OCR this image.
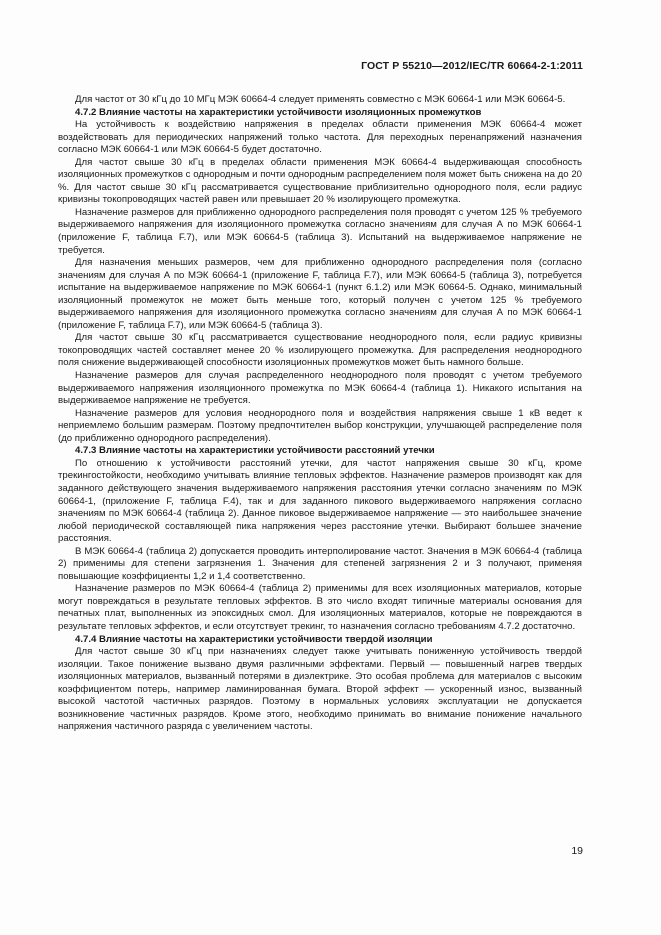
ГОСТ Р 55210—2012/IEC/TR 60664-2-1:2011

Для частот от 30 кГц до 10 МГц МЭК 60664-4 следует применять совместно с МЭК 60664-1 или МЭК 60664-5.

4.7.2 Влияние частоты на характеристики устойчивости изоляционных промежутков

На устойчивость к воздействию напряжения в пределах области применения МЭК 60664-4 может воздействовать для периодических напряжений только частота. Для переходных перенапряжений назначения согласно МЭК 60664-1 или МЭК 60664-5 будет достаточно.

Для частот свыше 30 кГц в пределах области применения МЭК 60664-4 выдерживающая способность изоляционных промежутков с однородным и почти однородным распределением поля может быть снижена на до 20 %. Для частот свыше 30 кГц рассматривается существование приблизительно однородного поля, если радиус кривизны токопроводящих частей равен или превышает 20 % изолирующего промежутка.

Назначение размеров для приближенно однородного распределения поля проводят с учетом 125 % требуемого выдерживаемого напряжения для изоляционного промежутка согласно значениям для случая А по МЭК 60664-1 (приложение F, таблица F.7), или МЭК 60664-5 (таблица 3). Испытаний на выдерживаемое напряжение не требуется.

Для назначения меньших размеров, чем для приближенно однородного распределения поля (согласно значениям для случая А по МЭК 60664-1 (приложение F, таблица F.7), или МЭК 60664-5 (таблица 3), потребуется испытание на выдерживаемое напряжение по МЭК 60664-1 (пункт 6.1.2) или МЭК 60664-5. Однако, минимальный изоляционный промежуток не может быть меньше того, который получен с учетом 125 % требуемого выдерживаемого напряжения для изоляционного промежутка согласно значениям для случая А по МЭК 60664-1 (приложение F, таблица F.7), или МЭК 60664-5 (таблица 3).

Для частот свыше 30 кГц рассматривается существование неоднородного поля, если радиус кривизны токопроводящих частей составляет менее 20 % изолирующего промежутка. Для распределения неоднородного поля снижение выдерживающей способности изоляционных промежутков может быть намного больше.

Назначение размеров для случая распределенного неоднородного поля проводят с учетом требуемого выдерживаемого напряжения изоляционного промежутка по МЭК 60664-4 (таблица 1). Никакого испытания на выдерживаемое напряжение не требуется.

Назначение размеров для условия неоднородного поля и воздействия напряжения свыше 1 кВ ведет к неприемлемо большим размерам. Поэтому предпочтителен выбор конструкции, улучшающей распределение поля (до приближенно однородного распределения).

4.7.3 Влияние частоты на характеристики устойчивости расстояний утечки

По отношению к устойчивости расстояний утечки, для частот напряжения свыше 30 кГц, кроме трекингостойкости, необходимо учитывать влияние тепловых эффектов. Назначение размеров производят как для заданного действующего значения выдерживаемого напряжения расстояния утечки согласно значениям по МЭК 60664-1, (приложение F, таблица F.4), так и для заданного пикового выдерживаемого напряжения согласно значениям по МЭК 60664-4 (таблица 2). Данное пиковое выдерживаемое напряжение — это наибольшее значение любой периодической составляющей пика напряжения через расстояние утечки. Выбирают большее значение расстояния.

В МЭК 60664-4 (таблица 2) допускается проводить интерполирование частот. Значения в МЭК 60664-4 (таблица 2) применимы для степени загрязнения 1. Значения для степеней загрязнения 2 и 3 получают, применяя повышающие коэффициенты 1,2 и 1,4 соответственно.

Назначение размеров по МЭК 60664-4 (таблица 2) применимы для всех изоляционных материалов, которые могут повреждаться в результате тепловых эффектов. В это число входят типичные материалы основания для печатных плат, выполненных из эпоксидных смол. Для изоляционных материалов, которые не повреждаются в результате тепловых эффектов, и если отсутствует трекинг, то назначения согласно требованиям 4.7.2 достаточно.

4.7.4 Влияние частоты на характеристики устойчивости твердой изоляции

Для частот свыше 30 кГц при назначениях следует также учитывать пониженную устойчивость твердой изоляции. Такое понижение вызвано двумя различными эффектами. Первый — повышенный нагрев твердых изоляционных материалов, вызванный потерями в диэлектрике. Это особая проблема для материалов с высоким коэффициентом потерь, например ламинированная бумага. Второй эффект — ускоренный износ, вызванный высокой частотой частичных разрядов. Поэтому в нормальных условиях эксплуатации не допускается возникновение частичных разрядов. Кроме этого, необходимо принимать во внимание понижение начального напряжения частичного разряда с увеличением частоты.

19
